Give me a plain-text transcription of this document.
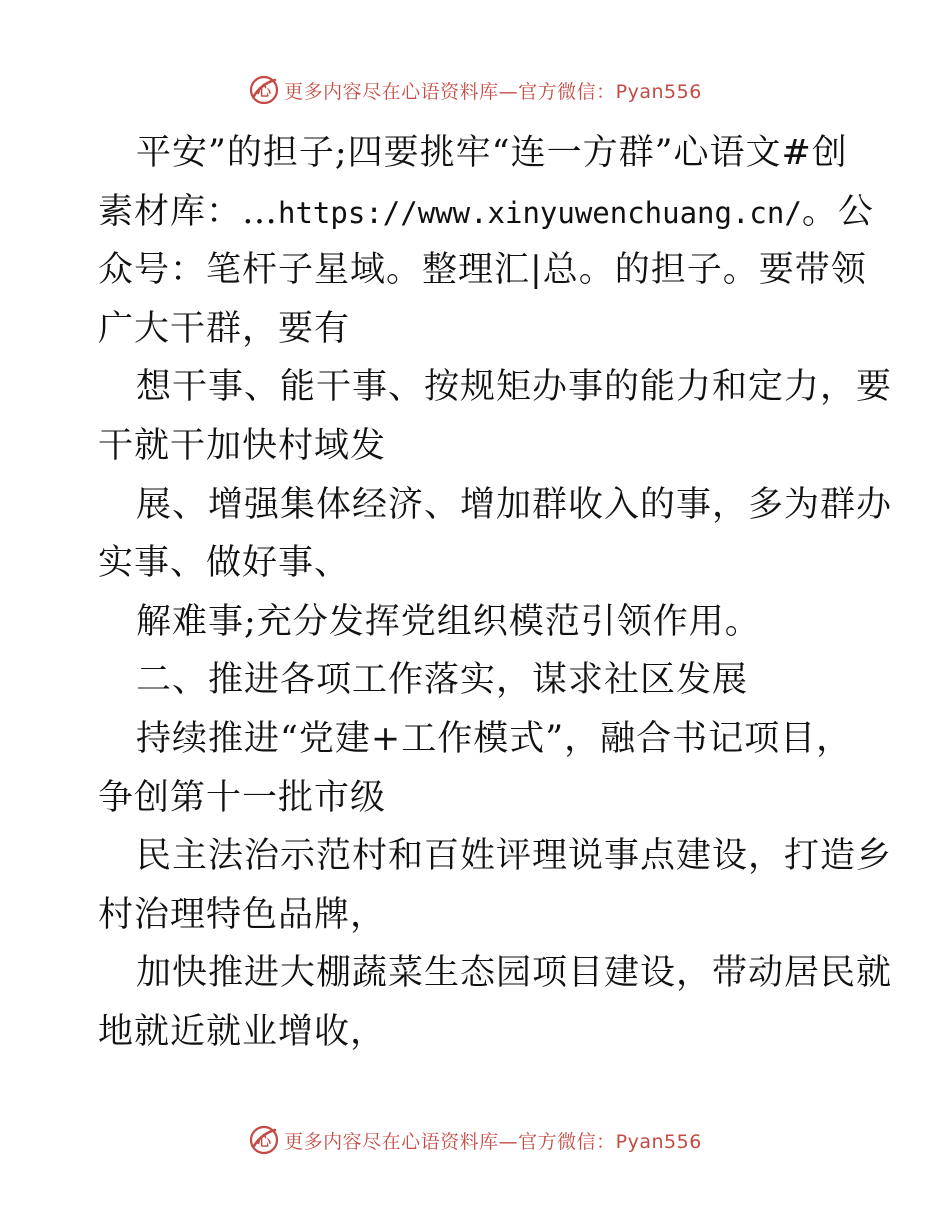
心 更多内容尽在心语资料库—官方微信：Pyan556
平安”的担子;四要挑牢“连一方群”心语文#创
素材库：…https://www.xinyuwenchuang.cn/。公
众号：笔杆子星域。整理汇|总。的担子。要带领
广大干群，要有
想干事、能干事、按规矩办事的能力和定力，要
干就干加快村域发
展、增强集体经济、增加群收入的事，多为群办
实事、做好事、
解难事;充分发挥党组织模范引领作用。
二、推进各项工作落实，谋求社区发展
持续推进“党建+工作模式”，融合书记项目，
争创第十一批市级
民主法治示范村和百姓评理说事点建设，打造乡
村治理特色品牌，
加快推进大棚蔬菜生态园项目建设，带动居民就
地就近就业增收，
心 更多内容尽在心语资料库—官方微信：Pyan556
